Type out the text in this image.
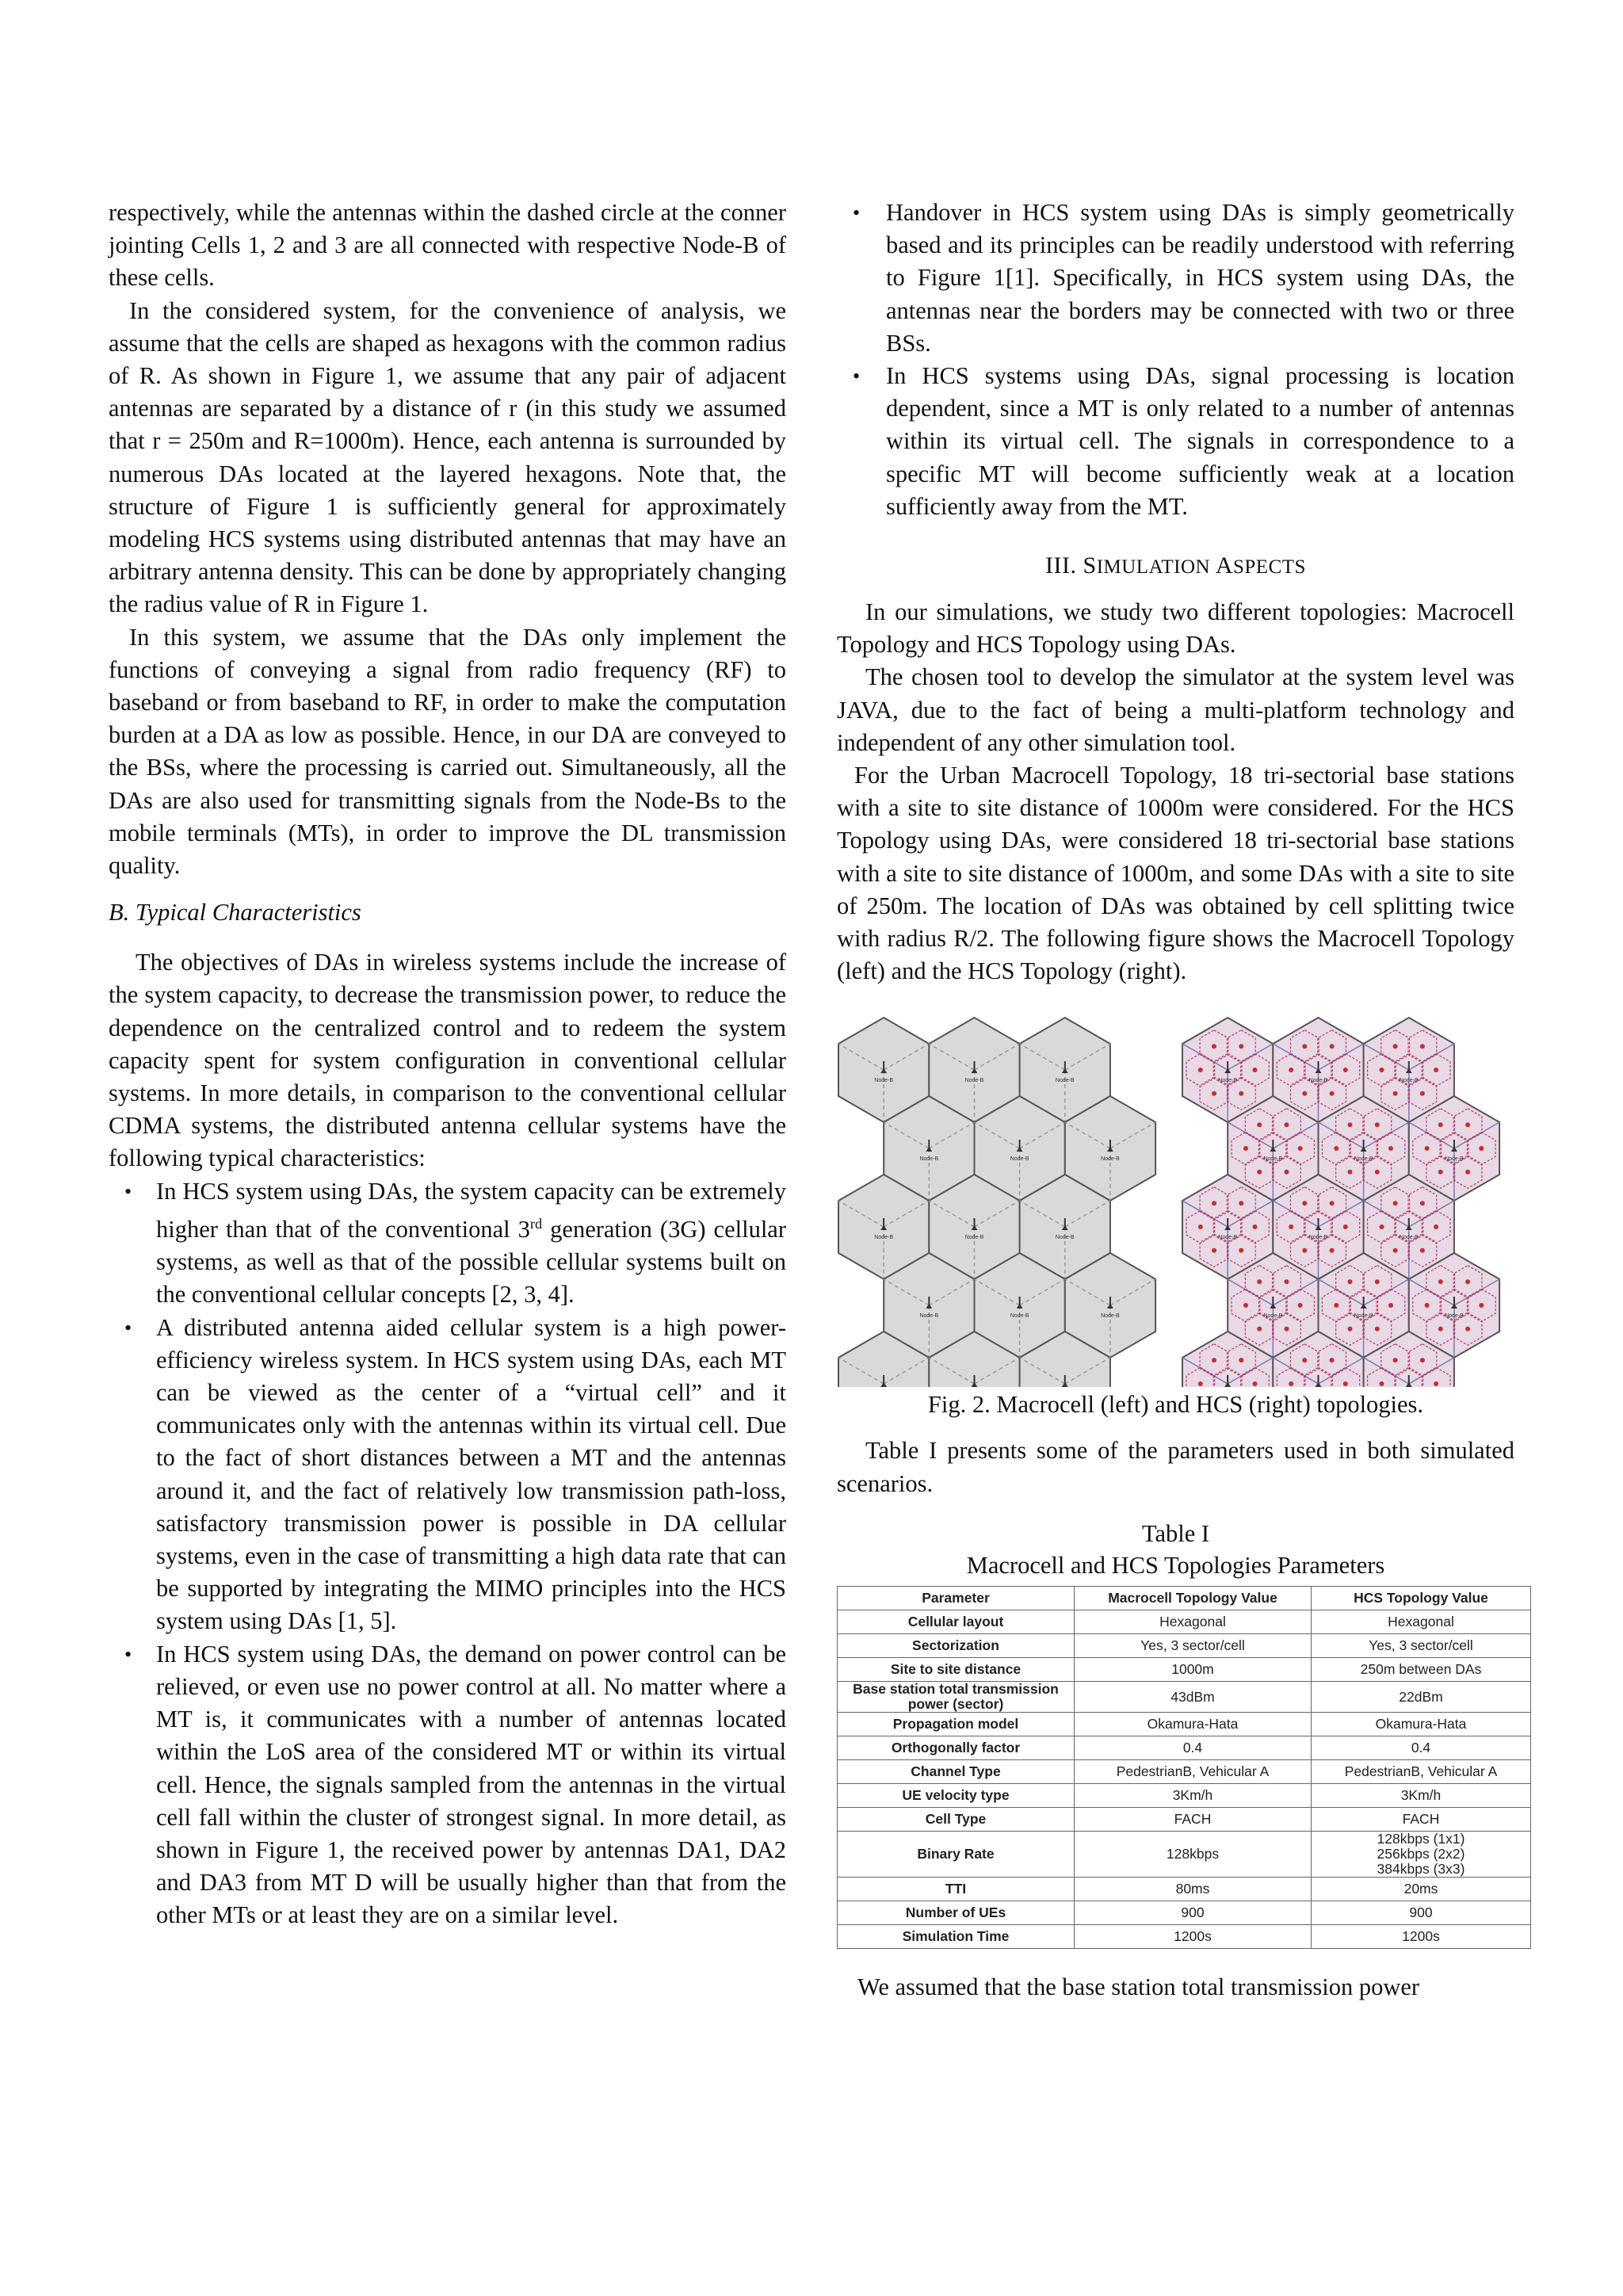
respectively, while the antennas within the dashed circle at the conner jointing Cells 1, 2 and 3 are all connected with respective Node-B of these cells.

In the considered system, for the convenience of analysis, we assume that the cells are shaped as hexagons with the common radius of R. As shown in Figure 1, we assume that any pair of adjacent antennas are separated by a distance of r (in this study we assumed that r = 250m and R=1000m). Hence, each antenna is surrounded by numerous DAs located at the layered hexagons. Note that, the structure of Figure 1 is sufficiently general for approximately modeling HCS systems using distributed antennas that may have an arbitrary antenna density. This can be done by appropriately changing the radius value of R in Figure 1.

In this system, we assume that the DAs only implement the functions of conveying a signal from radio frequency (RF) to baseband or from baseband to RF, in order to make the computation burden at a DA as low as possible. Hence, in our DA are conveyed to the BSs, where the processing is carried out. Simultaneously, all the DAs are also used for transmitting signals from the Node-Bs to the mobile terminals (MTs), in order to improve the DL transmission quality.

B. Typical Characteristics

The objectives of DAs in wireless systems include the increase of the system capacity, to decrease the transmission power, to reduce the dependence on the centralized control and to redeem the system capacity spent for system configuration in conventional cellular systems. In more details, in comparison to the conventional cellular CDMA systems, the distributed antenna cellular systems have the following typical characteristics:

• In HCS system using DAs, the system capacity can be extremely higher than that of the conventional 3rd generation (3G) cellular systems, as well as that of the possible cellular systems built on the conventional cellular concepts [2, 3, 4].
• A distributed antenna aided cellular system is a high power-efficiency wireless system. In HCS system using DAs, each MT can be viewed as the center of a “virtual cell” and it communicates only with the antennas within its virtual cell. Due to the fact of short distances between a MT and the antennas around it, and the fact of relatively low transmission path-loss, satisfactory transmission power is possible in DA cellular systems, even in the case of transmitting a high data rate that can be supported by integrating the MIMO principles into the HCS system using DAs [1, 5].
• In HCS system using DAs, the demand on power control can be relieved, or even use no power control at all. No matter where a MT is, it communicates with a number of antennas located within the LoS area of the considered MT or within its virtual cell. Hence, the signals sampled from the antennas in the virtual cell fall within the cluster of strongest signal. In more detail, as shown in Figure 1, the received power by antennas DA1, DA2 and DA3 from MT D will be usually higher than that from the other MTs or at least they are on a similar level.
• Handover in HCS system using DAs is simply geometrically based and its principles can be readily understood with referring to Figure 1[1]. Specifically, in HCS system using DAs, the antennas near the borders may be connected with two or three BSs.
• In HCS systems using DAs, signal processing is location dependent, since a MT is only related to a number of antennas within its virtual cell. The signals in correspondence to a specific MT will become sufficiently weak at a location sufficiently away from the MT.
III. SIMULATION ASPECTS

In our simulations, we study two different topologies: Macrocell Topology and HCS Topology using DAs.

The chosen tool to develop the simulator at the system level was JAVA, due to the fact of being a multi-platform technology and independent of any other simulation tool.

For the Urban Macrocell Topology, 18 tri-sectorial base stations with a site to site distance of 1000m were considered. For the HCS Topology using DAs, were considered 18 tri-sectorial base stations with a site to site distance of 1000m, and some DAs with a site to site of 250m. The location of DAs was obtained by cell splitting twice with radius R/2. The following figure shows the Macrocell Topology (left) and the HCS Topology (right).

Node-B	Node-B	Node-B
Node-B	Node-B	Node-B
Node-B	Node-B	Node-B
Node-B	Node-B	Node-B
Node-B	Node-B	Node-B
Node-B	Node-B	Node-B
Node-B	Node-B	Node-B
Node-B	Node-B	Node-B
Fig. 2. Macrocell (left) and HCS (right) topologies.

Table I presents some of the parameters used in both simulated scenarios.

Table I
Macrocell and HCS Topologies Parameters
Parameter	Macrocell Topology Value	HCS Topology Value
Cellular layout	Hexagonal	Hexagonal
Sectorization	Yes, 3 sector/cell	Yes, 3 sector/cell
Site to site distance	1000m	250m between DAs
Base station total transmission power (sector)	43dBm	22dBm
Propagation model	Okamura-Hata	Okamura-Hata
Orthogonally factor	0.4	0.4
Channel Type	PedestrianB, Vehicular A	PedestrianB, Vehicular A
UE velocity type	3Km/h	3Km/h
Cell Type	FACH	FACH
Binary Rate	128kbps	128kbps (1x1)
256kbps (2x2)
384kbps (3x3)
TTI	80ms	20ms
Number of UEs	900	900
Simulation Time	1200s	1200s

We assumed that the base station total transmission power
